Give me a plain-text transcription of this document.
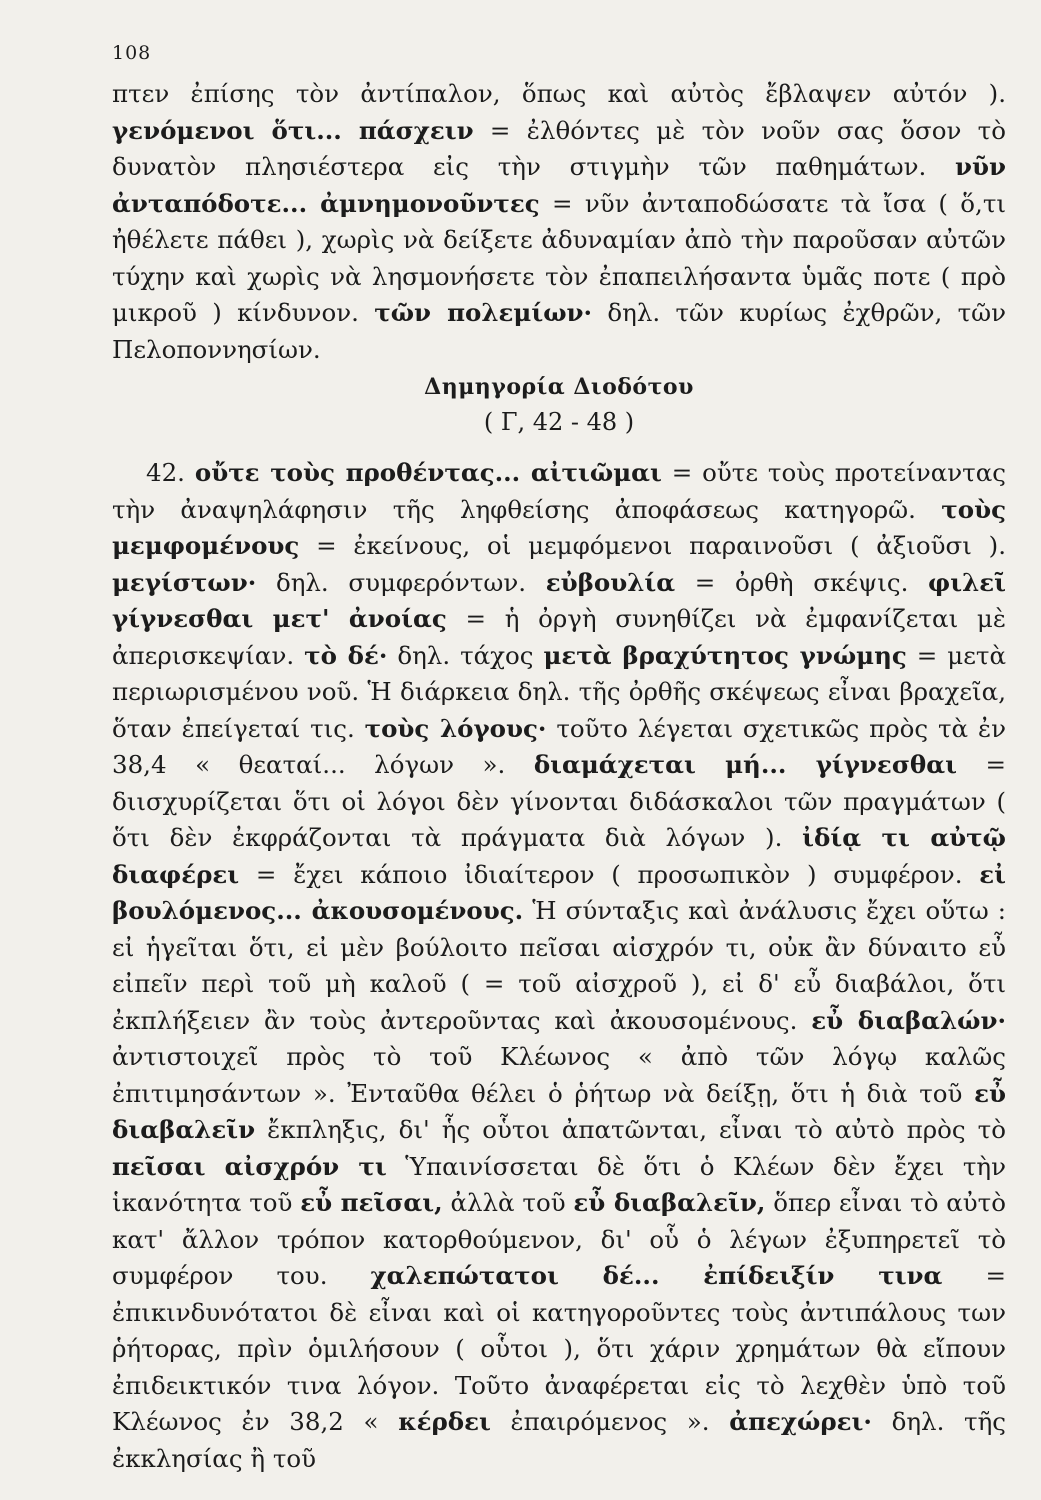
108
πτεν ἐπίσης τὸν ἀντίπαλον, ὅπως καὶ αὐτὸς ἔβλαψεν αὐτόν ). γενόμενοι ὅτι... πάσχειν = ἐλθόντες μὲ τὸν νοῦν σας ὅσον τὸ δυνατὸν πλησιέστερα εἰς τὴν στιγμὴν τῶν παθημάτων. νῦν ἀνταπόδοτε... ἀμνημονοῦντες = νῦν ἀνταποδώσατε τὰ ἴσα ( ὅ,τι ἠθέλετε πάθει ), χωρὶς νὰ δείξετε ἀδυναμίαν ἀπὸ τὴν παροῦσαν αὐτῶν τύχην καὶ χωρὶς νὰ λησμονήσετε τὸν ἐπαπειλήσαντα ὑμᾶς ποτε ( πρὸ μικροῦ ) κίνδυνον. τῶν πολεμίων· δηλ. τῶν κυρίως ἐχθρῶν, τῶν Πελοποννησίων.
Δημηγορία Διοδότου
( Γ, 42 - 48 )
42. οὔτε τοὺς προθέντας... αἰτιῶμαι = οὔτε τοὺς προτείναντας τὴν ἀναψηλάφησιν τῆς ληφθείσης ἀποφάσεως κατηγορῶ. τοὺς μεμφομένους = ἐκείνους, οἱ μεμφόμενοι παραινοῦσι ( ἀξιοῦσι ). μεγίστων· δηλ. συμφερόντων. εὐβουλία = ὀρθὴ σκέψις. φιλεῖ γίγνεσθαι μετ' ἀνοίας = ἡ ὀργὴ συνηθίζει νὰ ἐμφανίζεται μὲ ἀπερισκεψίαν. τὸ δέ· δηλ. τάχος μετὰ βραχύτητος γνώμης = μετὰ περιωρισμένου νοῦ. Ἡ διάρκεια δηλ. τῆς ὀρθῆς σκέψεως εἶναι βραχεῖα, ὅταν ἐπείγεταί τις. τοὺς λόγους· τοῦτο λέγεται σχετικῶς πρὸς τὰ ἐν 38,4 « θεαταί... λόγων ». διαμάχεται μή... γίγνεσθαι = διισχυρίζεται ὅτι οἱ λόγοι δὲν γίνονται διδάσκαλοι τῶν πραγμάτων ( ὅτι δὲν ἐκφράζονται τὰ πράγματα διὰ λόγων ). ἰδίᾳ τι αὐτῷ διαφέρει = ἔχει κάποιο ἰδιαίτερον ( προσωπικὸν ) συμφέρον. εἰ βουλόμενος... ἀκουσομένους. Ἡ σύνταξις καὶ ἀνάλυσις ἔχει οὕτω : εἰ ἡγεῖται ὅτι, εἰ μὲν βούλοιτο πεῖσαι αἰσχρόν τι, οὐκ ἂν δύναιτο εὖ εἰπεῖν περὶ τοῦ μὴ καλοῦ ( = τοῦ αἰσχροῦ ), εἰ δ' εὖ διαβάλοι, ὅτι ἐκπλήξειεν ἂν τοὺς ἀντεροῦντας καὶ ἀκουσομένους. εὖ διαβαλών· ἀντιστοιχεῖ πρὸς τὸ τοῦ Κλέωνος « ἀπὸ τῶν λόγῳ καλῶς ἐπιτιμησάντων ». Ἐνταῦθα θέλει ὁ ῥήτωρ νὰ δείξῃ, ὅτι ἡ διὰ τοῦ εὖ διαβαλεῖν ἔκπληξις, δι' ἧς οὗτοι ἀπατῶνται, εἶναι τὸ αὐτὸ πρὸς τὸ πεῖσαι αἰσχρόν τι Ὑπαινίσσεται δὲ ὅτι ὁ Κλέων δὲν ἔχει τὴν ἱκανότητα τοῦ εὖ πεῖσαι, ἀλλὰ τοῦ εὖ διαβαλεῖν, ὅπερ εἶναι τὸ αὐτὸ κατ' ἄλλον τρόπον κατορθούμενον, δι' οὗ ὁ λέγων ἐξυπηρετεῖ τὸ συμφέρον του. χαλεπώτατοι δέ... ἐπίδειξίν τινα = ἐπικινδυνότατοι δὲ εἶναι καὶ οἱ κατηγοροῦντες τοὺς ἀντιπάλους των ῥήτορας, πρὶν ὁμιλήσουν ( οὗτοι ), ὅτι χάριν χρημάτων θὰ εἴπουν ἐπιδεικτικόν τινα λόγον. Τοῦτο ἀναφέρεται εἰς τὸ λεχθὲν ὑπὸ τοῦ Κλέωνος ἐν 38,2 « κέρδει ἐπαιρόμενος ». ἀπεχώρει· δηλ. τῆς ἐκκλησίας ἢ τοῦ
